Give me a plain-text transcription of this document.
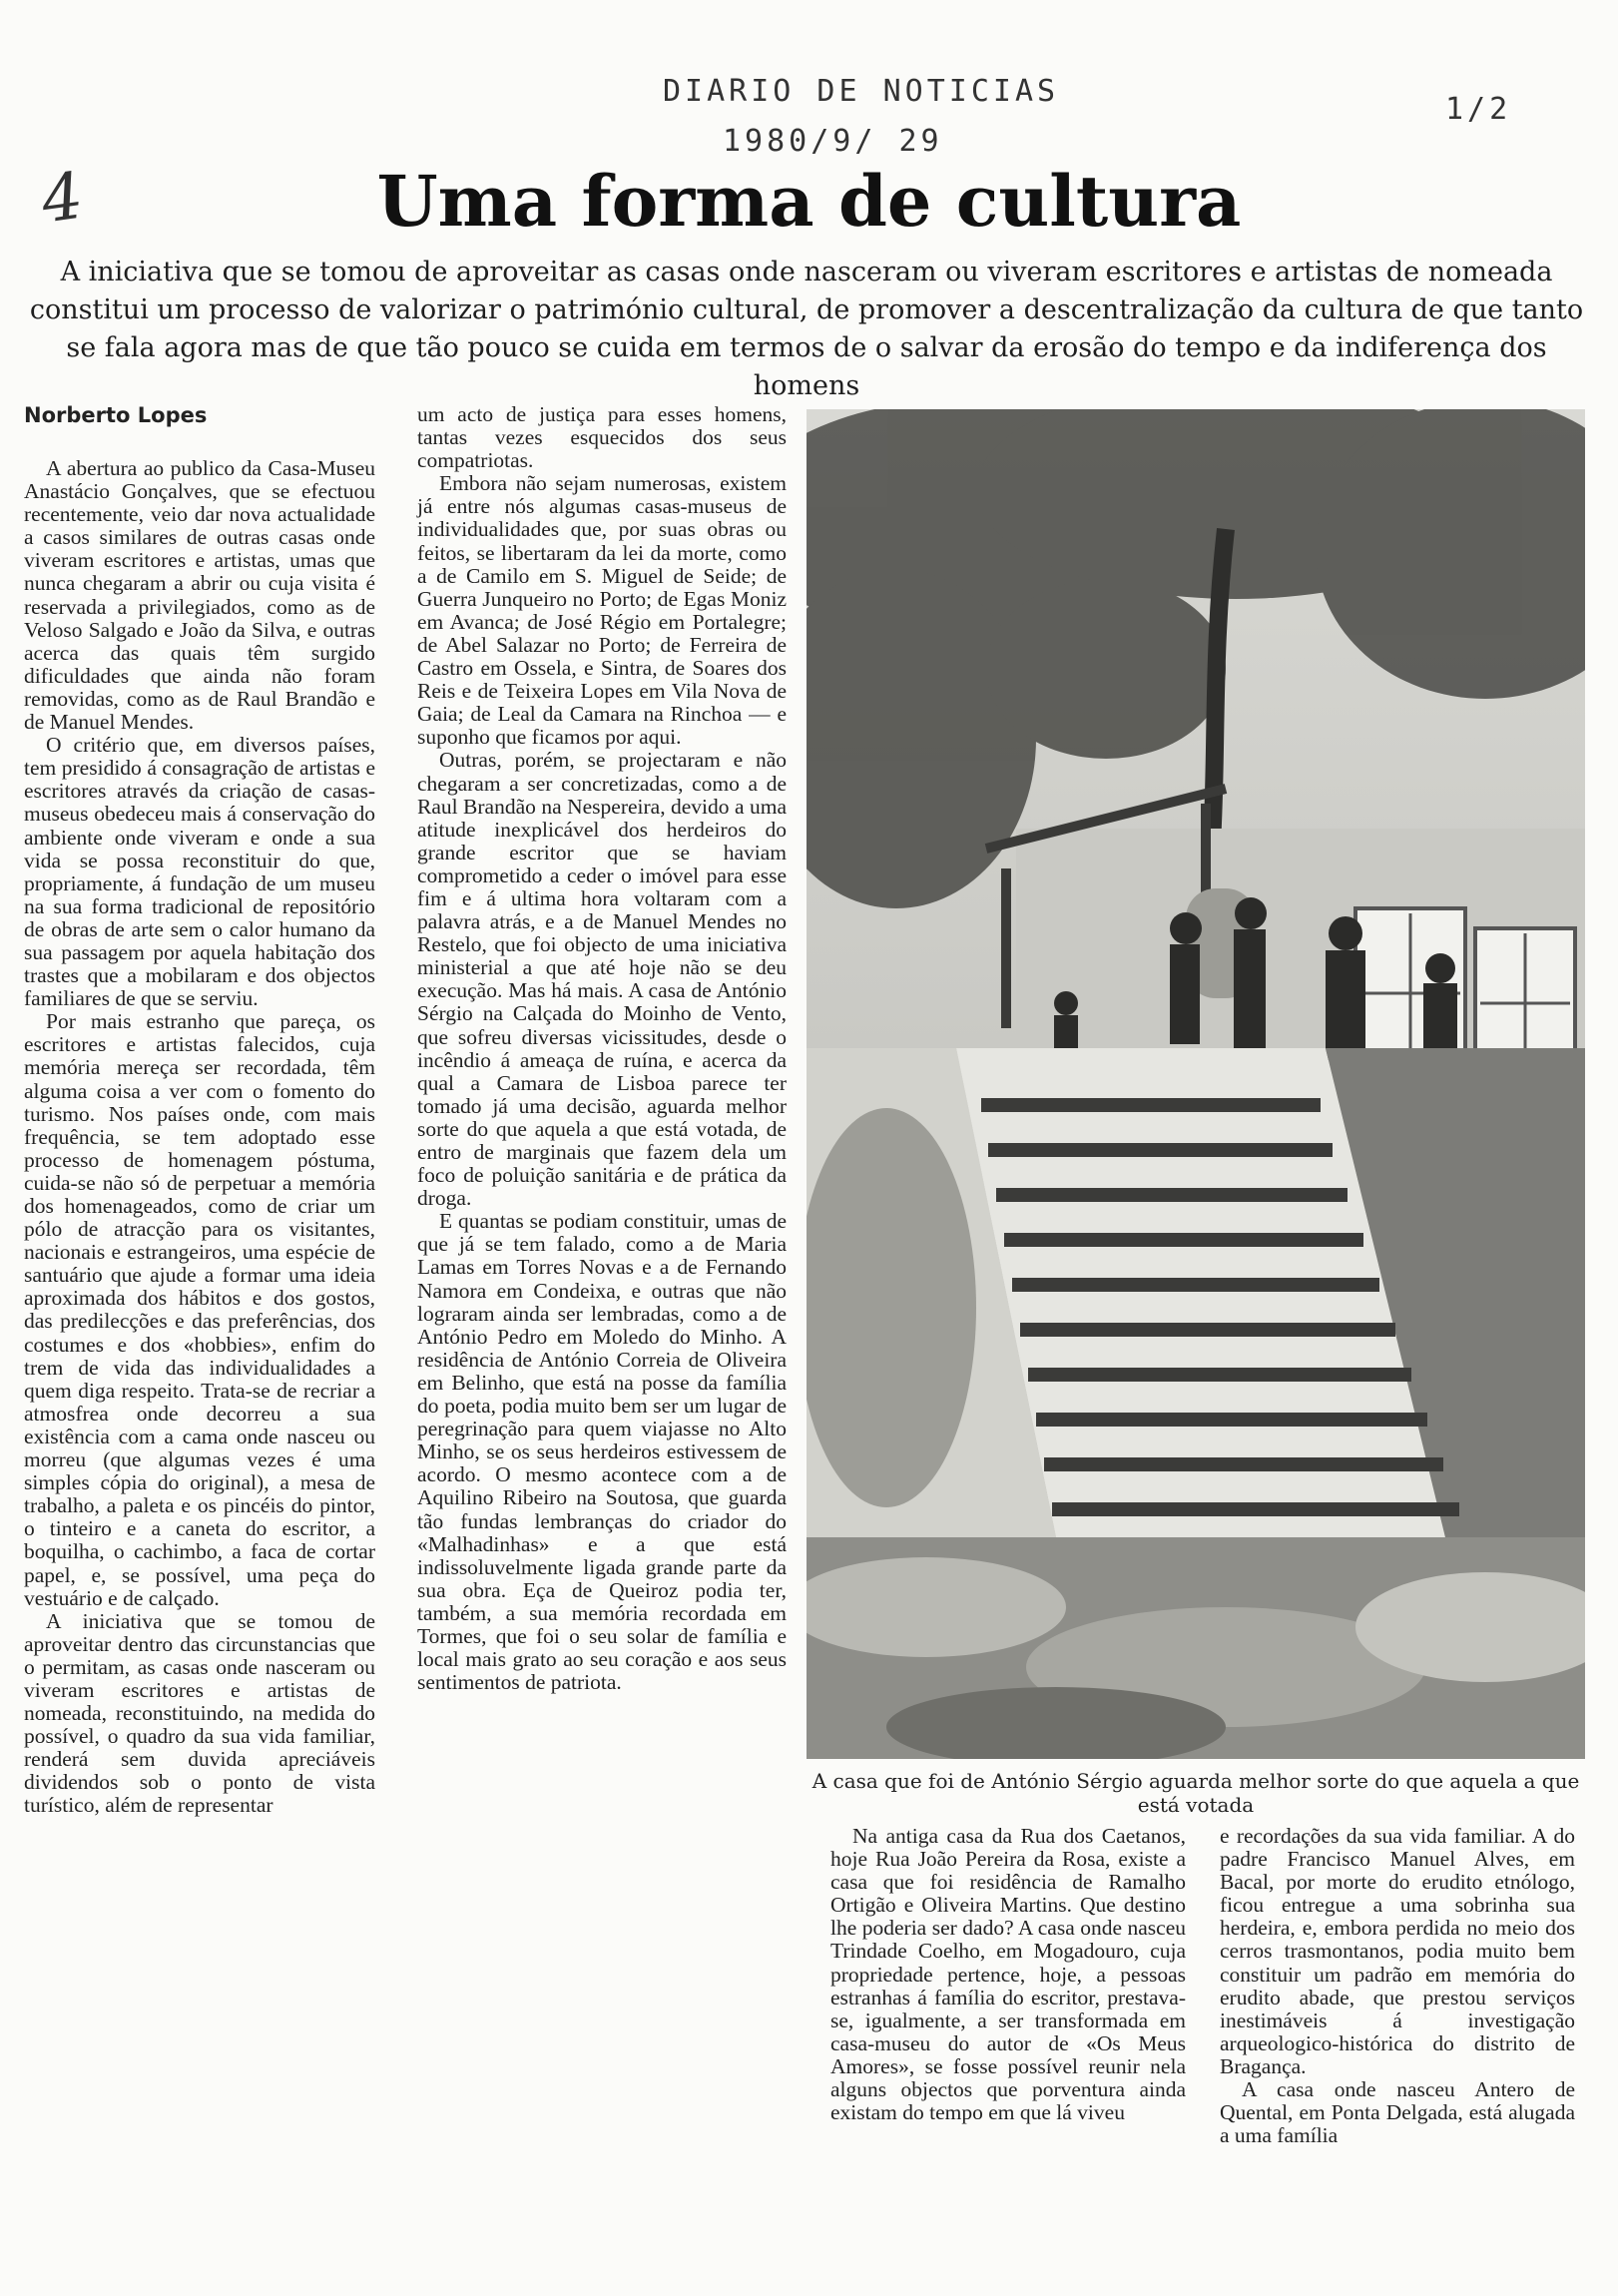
DIARIO DE NOTICIAS
1980/9/ 29
1/2
4	Uma forma de cultura
A iniciativa que se tomou de aproveitar as casas onde nasceram ou viveram escritores e artistas de nomeada constitui um processo de valorizar o património cultural, de promover a descentralização da cultura de que tanto se fala agora mas de que tão pouco se cuida em termos de o salvar da erosão do tempo e da indiferença dos homens
Norberto Lopes

A abertura ao publico da Casa-Museu Anastácio Gonçalves, que se efectuou recentemente, veio dar nova actualidade a casos similares de outras casas onde viveram escritores e artistas, umas que nunca chegaram a abrir ou cuja visita é reservada a privilegiados, como as de Veloso Salgado e João da Silva, e outras acerca das quais têm surgido dificuldades que ainda não foram removidas, como as de Raul Brandão e de Manuel Mendes.

O critério que, em diversos países, tem presidido á consagração de artistas e escritores através da criação de casas-museus obedeceu mais á conservação do ambiente onde viveram e onde a sua vida se possa reconstituir do que, propriamente, á fundação de um museu na sua forma tradicional de repositório de obras de arte sem o calor humano da sua passagem por aquela habitação dos trastes que a mobilaram e dos objectos familiares de que se serviu.

Por mais estranho que pareça, os escritores e artistas falecidos, cuja memória mereça ser recordada, têm alguma coisa a ver com o fomento do turismo. Nos países onde, com mais frequência, se tem adoptado esse processo de homenagem póstuma, cuida-se não só de perpetuar a memória dos homenageados, como de criar um pólo de atracção para os visitantes, nacionais e estrangeiros, uma espécie de santuário que ajude a formar uma ideia aproximada dos hábitos e dos gostos, das predilecções e das preferências, dos costumes e dos «hobbies», enfim do trem de vida das individualidades a quem diga respeito. Trata-se de recriar a atmosfrea onde decorreu a sua existência com a cama onde nasceu ou morreu (que algumas vezes é uma simples cópia do original), a mesa de trabalho, a paleta e os pincéis do pintor, o tinteiro e a caneta do escritor, a boquilha, o cachimbo, a faca de cortar papel, e, se possível, uma peça do vestuário e de calçado.

A iniciativa que se tomou de aproveitar dentro das circunstancias que o permitam, as casas onde nasceram ou viveram escritores e artistas de nomeada, reconstituindo, na medida do possível, o quadro da sua vida familiar, renderá sem duvida apreciáveis dividendos sob o ponto de vista turístico, além de representar

um acto de justiça para esses homens, tantas vezes esquecidos dos seus compatriotas.

Embora não sejam numerosas, existem já entre nós algumas casas-museus de individualidades que, por suas obras ou feitos, se libertaram da lei da morte, como a de Camilo em S. Miguel de Seide; de Guerra Junqueiro no Porto; de Egas Moniz em Avanca; de José Régio em Portalegre; de Abel Salazar no Porto; de Ferreira de Castro em Ossela, e Sintra, de Soares dos Reis e de Teixeira Lopes em Vila Nova de Gaia; de Leal da Camara na Rinchoa — e suponho que ficamos por aqui.

Outras, porém, se projectaram e não chegaram a ser concretizadas, como a de Raul Brandão na Nespereira, devido a uma atitude inexplicável dos herdeiros do grande escritor que se haviam comprometido a ceder o imóvel para esse fim e á ultima hora voltaram com a palavra atrás, e a de Manuel Mendes no Restelo, que foi objecto de uma iniciativa ministerial a que até hoje não se deu execução. Mas há mais. A casa de António Sérgio na Calçada do Moinho de Vento, que sofreu diversas vicissitudes, desde o incêndio á ameaça de ruína, e acerca da qual a Camara de Lisboa parece ter tomado já uma decisão, aguarda melhor sorte do que aquela a que está votada, de entro de marginais que fazem dela um foco de poluição sanitária e de prática da droga.

E quantas se podiam constituir, umas de que já se tem falado, como a de Maria Lamas em Torres Novas e a de Fernando Namora em Condeixa, e outras que não lograram ainda ser lembradas, como a de António Pedro em Moledo do Minho. A residência de António Correia de Oliveira em Belinho, que está na posse da família do poeta, podia muito bem ser um lugar de peregrinação para quem viajasse no Alto Minho, se os seus herdeiros estivessem de acordo. O mesmo acontece com a de Aquilino Ribeiro na Soutosa, que guarda tão fundas lembranças do criador do «Malhadinhas» e a que está indissoluvelmente ligada grande parte da sua obra. Eça de Queiroz podia ter, também, a sua memória recordada em Tormes, que foi o seu solar de família e local mais grato ao seu coração e aos seus sentimentos de patriota.

A casa que foi de António Sérgio aguarda melhor sorte do que aquela a que está votada

Na antiga casa da Rua dos Caetanos, hoje Rua João Pereira da Rosa, existe a casa que foi residência de Ramalho Ortigão e Oliveira Martins. Que destino lhe poderia ser dado? A casa onde nasceu Trindade Coelho, em Mogadouro, cuja propriedade pertence, hoje, a pessoas estranhas á família do escritor, prestava-se, igualmente, a ser transformada em casa-museu do autor de «Os Meus Amores», se fosse possível reunir nela alguns objectos que porventura ainda existam do tempo em que lá viveu

e recordações da sua vida familiar. A do padre Francisco Manuel Alves, em Bacal, por morte do erudito etnólogo, ficou entregue a uma sobrinha sua herdeira, e, embora perdida no meio dos cerros trasmontanos, podia muito bem constituir um padrão em memória do erudito abade, que prestou serviços inestimáveis á investigação arqueologico-histórica do distrito de Bragança.

A casa onde nasceu Antero de Quental, em Ponta Delgada, está alugada a uma família
